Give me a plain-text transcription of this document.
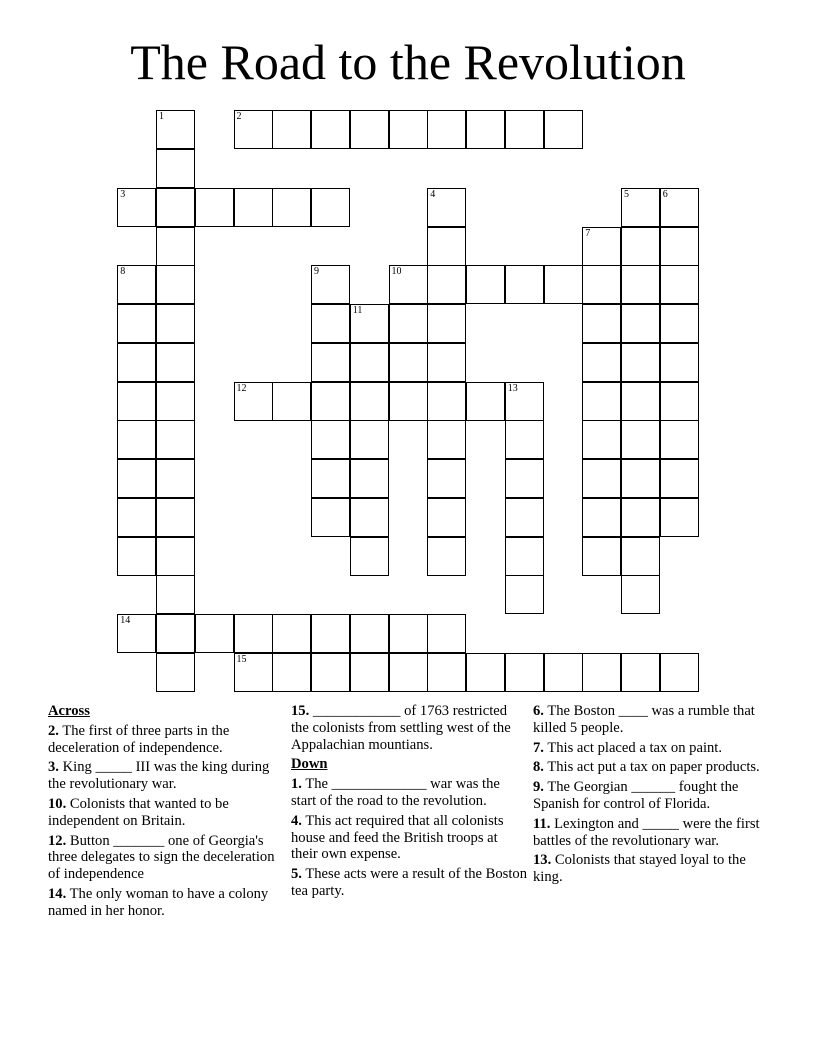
The Road to the Revolution
1	2
3	4	5	6
7
8	9	10
11
12	13
14
15

Across

2. The first of three parts in the deceleration of independence.

3. King _____ III was the king during the revolutionary war.

10. Colonists that wanted to be independent on Britain.

12. Button _______ one of Georgia's three delegates to sign the deceleration of independence

14. The only woman to have a colony named in her honor.

15. ____________ of 1763 restricted the colonists from settling west of the Appalachian mountians.

Down

1. The _____________ war was the start of the road to the revolution.

4. This act required that all colonists house and feed the British troops at their own expense.

5. These acts were a result of the Boston tea party.

6. The Boston ____ was a rumble that killed 5 people.

7. This act placed a tax on paint.

8. This act put a tax on paper products.

9. The Georgian ______ fought the Spanish for control of Florida.

11. Lexington and _____ were the first battles of the revolutionary war.

13. Colonists that stayed loyal to the king.
